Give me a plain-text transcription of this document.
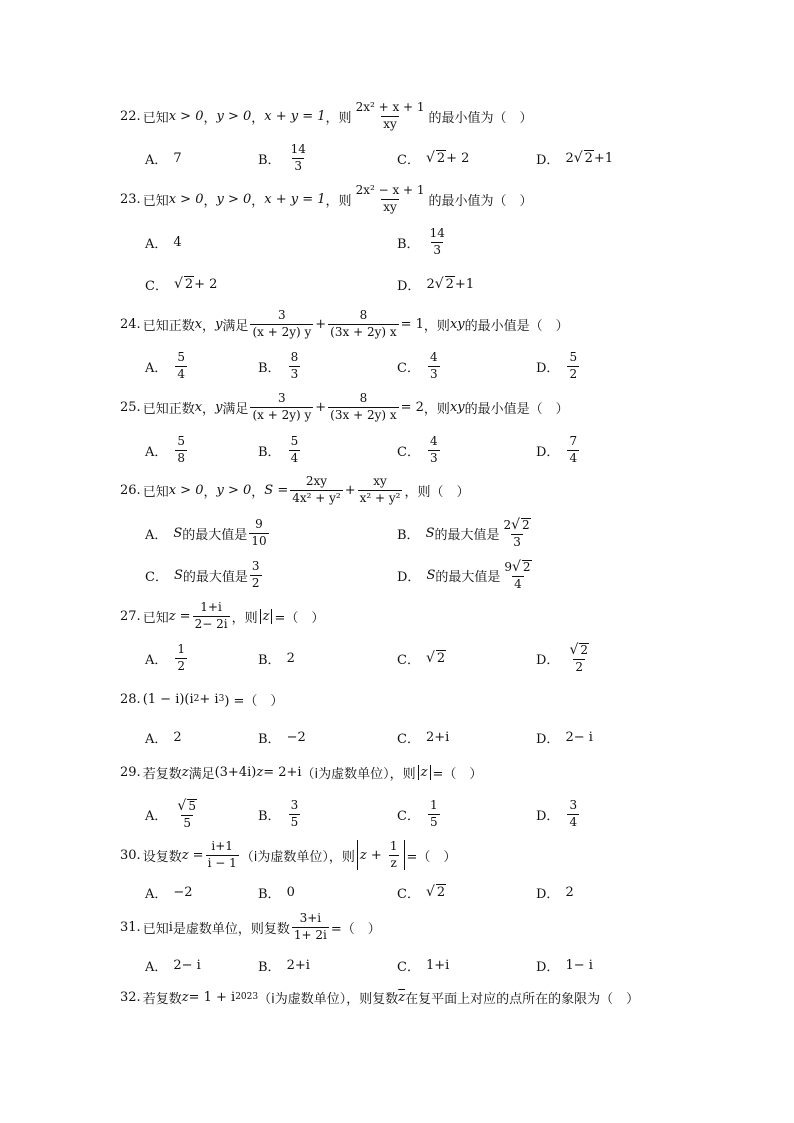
22. 已知 x > 0 ， y > 0 ， x + y = 1 ，则
2x² + x + 1
xy 的最小值为（　）
A． 7	B．
14
3	C． √ 2 + 2	D． 2 √ 2 +1
23. 已知 x > 0 ， y > 0 ， x + y = 1 ，则
2x² − x + 1
xy 的最小值为（　）
A． 4	B．
14
3
C． √ 2 + 2	D． 2 √ 2 +1
24. 已知正数 x ， y 满足
3
(x + 2y) y +
8
(3x + 2y) x = 1 ，则 xy 的最小值是（　）
A．
5
4	B．
8
3	C．
4
3	D．
5
2
25. 已知正数 x ， y 满足
3
(x + 2y) y +
8
(3x + 2y) x = 2 ，则 xy 的最小值是（　）
A．
5
8	B．
5
4	C．
4
3	D．
7
4
26. 已知 x > 0 ， y > 0 ， $S = \frac{2xy}{\text{4x² + y²}}$ +
xy
x² + y² ，则（　）
A． S 的最大值是
9
10	B． S 的最大值是
2√ 2
3
C． S 的最大值是
3
2	D． S 的最大值是
9√ 2
4
27. 已知 $z = \frac{1+i}{2- 2i}$ ，则 z =（　）
A．
1
2	B． 2	C． √ 2	D．
√ 2
2
28. (1 − i)(i 2 + i 3 ) =（　）
A． 2	B． −2	C． 2+i	D． 2− i
29. 若复数 z 满足 (3+4i) z = 2+i （i为虚数单位），则 z =（　）
A．
√ 5
5	B．
3
5	C．
1
5	D．
3
4
30. 设复数 $z = \frac{i+1}{i - 1} (i$为虚数单位），则 $z + \frac{1}{z}$ =（　）
A． −2	B． 0	C． √ 2	D． 2
31. 已知 i 是虚数单位，则复数
3+i
1+ 2i =（　）
A． 2− i	B． 2+i	C． 1+i	D． 1− i
32. 若复数 z = 1 + i 2023 （i为虚数单位），则复数 $\overline{z}$ 在复平面上对应的点所在的象限为（　）
